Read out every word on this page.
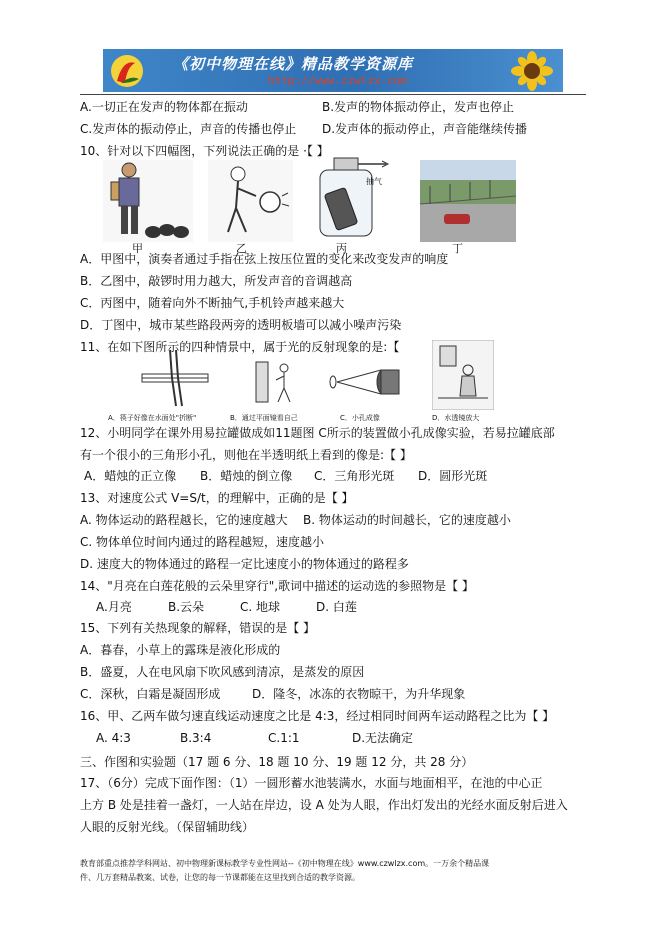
《初中物理在线》精品教学资源库
http://www.czwlzx.com
A.一切正在发声的物体都在振动	B.发声的物体振动停止，发声也停止
C.发声体的振动停止，声音的传播也停止 D.发声体的振动停止，声音能继续传播
10、针对以下四幅图，下列说法正确的是 ·【 】
甲	乙
抽气
丙	丁
A．甲图中，演奏者通过手指在弦上按压位置的变化来改变发声的响度
B．乙图中，敲锣时用力越大，所发声音的音调越高
C．丙图中，随着向外不断抽气,手机铃声越来越大
D．丁图中，城市某些路段两旁的透明板墙可以减小噪声污染
11、在如下图所示的四种情景中，属于光的反射现象的是:【
A．筷子好像在水面处"折断"	B．通过平面镜看自己	C．小孔成像	D．水透镜放大
12、小明同学在课外用易拉罐做成如11题图 C所示的装置做小孔成像实验，若易拉罐底部
有一个很小的三角形小孔，则他在半透明纸上看到的像是:【 】
A．蜡烛的正立像 B．蜡烛的倒立像 C．三角形光斑 D．圆形光斑
13、对速度公式 V=S/t，的理解中，正确的是【 】
A. 物体运动的路程越长，它的速度越大 B. 物体运动的时间越长，它的速度越小
C. 物体单位时间内通过的路程越短，速度越小
D. 速度大的物体通过的路程一定比速度小的物体通过的路程多
14、"月亮在白莲花般的云朵里穿行",歌词中描述的运动选的参照物是【 】
A.月亮	B.云朵	C. 地球	D. 白莲
15、下列有关热现象的解释，错误的是【 】
A．暮春，小草上的露珠是液化形成的
B．盛夏，人在电风扇下吹风感到清凉，是蒸发的原因
C．深秋，白霜是凝固形成	D．隆冬，冰冻的衣物晾干，为升华现象
16、甲、乙两车做匀速直线运动速度之比是 4:3，经过相同时间两车运动路程之比为【 】
A. 4:3	B.3:4	C.1:1	D.无法确定
三、作图和实验题（17 题 6 分、18 题 10 分、19 题 12 分，共 28 分）
17、（6分）完成下面作图：（1）一圆形蓄水池装满水，水面与地面相平，在池的中心正
上方 B 处是挂着一盏灯，一人站在岸边，设 A 处为人眼，作出灯发出的光经水面反射后进入
人眼的反射光线。（保留辅助线）
教育部重点推荐学科网站、初中物理新课标教学专业性网站--《初中物理在线》www.czwlzx.com。一万余个精品课
件、几万套精品教案、试卷，让您的每一节课都能在这里找到合适的教学资源。
